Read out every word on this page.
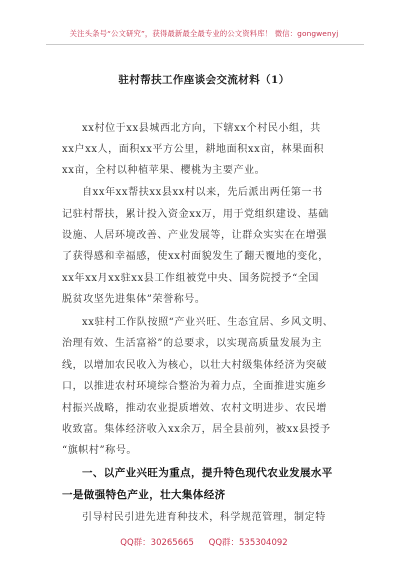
关注头条号“公文研究”，获得最新最全最专业的公文资料库！ 微信：gongwenyj
驻村帮扶工作座谈会交流材料（1）
xx村位于xx县城西北方向，下辖xx个村民小组，共
xx户xx人，面积xx平方公里，耕地面积xx亩，林果面积
xx亩，全村以种植苹果、樱桃为主要产业。
自xx年xx帮扶xx县xx村以来，先后派出两任第一书
记驻村帮扶，累计投入资金xx万，用于党组织建设、基础
设施、人居环境改善、产业发展等，让群众实实在在增强
了获得感和幸福感，使xx村面貌发生了翻天覆地的变化，
xx年xx月xx驻xx县工作组被党中央、国务院授予“全国
脱贫攻坚先进集体”荣誉称号。
xx驻村工作队按照“产业兴旺、生态宜居、乡风文明、
治理有效、生活富裕”的总要求，以实现高质量发展为主
线，以增加农民收入为核心，以壮大村级集体经济为突破
口，以推进农村环境综合整治为着力点，全面推进实施乡
村振兴战略，推动农业提质增效、农村文明进步、农民增
收致富。集体经济收入xx余万，居全县前列，被xx县授予
“旗帜村”称号。
一、以产业兴旺为重点，提升特色现代农业发展水平
一是做强特色产业，壮大集体经济
引导村民引进先进育种技术，科学规范管理，制定特
QQ群：30265665 QQ群：535304092
